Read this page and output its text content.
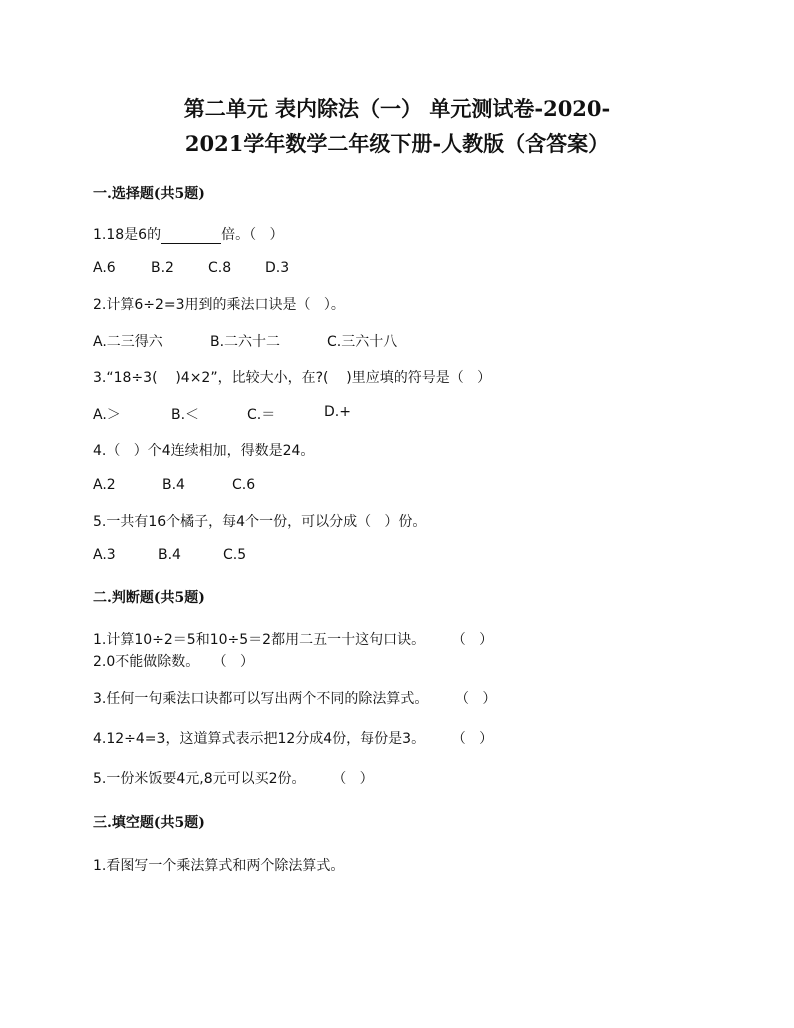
第二单元 表内除法（一） 单元测试卷-2020-
2021学年数学二年级下册-人教版（含答案）
一.选择题(共5题)
1.18是6的	倍。（   ）
A.6	B.2 C.8 D.3
2.计算6÷2=3用到的乘法口诀是（   ）。
A.二三得六	B.二六十二	C.三六十八
3.“18÷3(    )4×2”，比较大小，在?(    )里应填的符号是（   ）
A.＞	B.＜	C.＝	D.+
4.（   ）个4连续相加，得数是24。
A.2	B.4	C.6
5.一共有16个橘子，每4个一份，可以分成（   ）份。
A.3	B.4	C.5
二.判断题(共5题)
1.计算10÷2＝5和10÷5＝2都用二五一十这句口诀。      （   ）
2.0不能做除数。   （   ）
3.任何一句乘法口诀都可以写出两个不同的除法算式。      （   ）
4.12÷4=3，这道算式表示把12分成4份，每份是3。      （   ）
5.一份米饭要4元,8元可以买2份。      （   ）
三.填空题(共5题)
1.看图写一个乘法算式和两个除法算式。
